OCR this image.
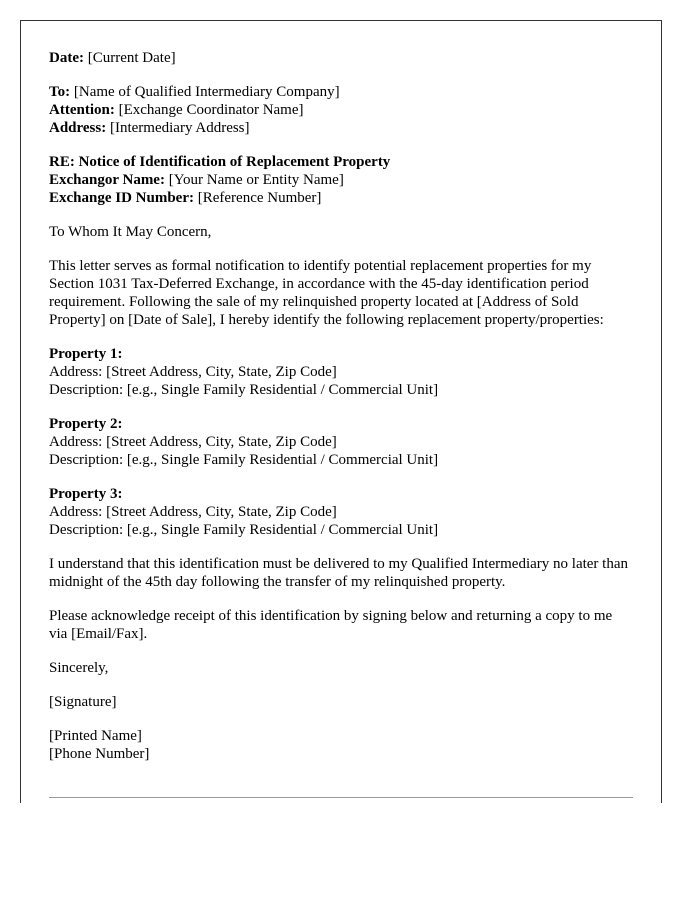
Date: [Current Date]

To: [Name of Qualified Intermediary Company]
Attention: [Exchange Coordinator Name]
Address: [Intermediary Address]

RE: Notice of Identification of Replacement Property
Exchangor Name: [Your Name or Entity Name]
Exchange ID Number: [Reference Number]

To Whom It May Concern,

This letter serves as formal notification to identify potential replacement properties for my Section 1031 Tax-Deferred Exchange, in accordance with the 45-day identification period requirement. Following the sale of my relinquished property located at [Address of Sold Property] on [Date of Sale], I hereby identify the following replacement property/properties:

Property 1:
Address: [Street Address, City, State, Zip Code]
Description: [e.g., Single Family Residential / Commercial Unit]

Property 2:
Address: [Street Address, City, State, Zip Code]
Description: [e.g., Single Family Residential / Commercial Unit]

Property 3:
Address: [Street Address, City, State, Zip Code]
Description: [e.g., Single Family Residential / Commercial Unit]

I understand that this identification must be delivered to my Qualified Intermediary no later than midnight of the 45th day following the transfer of my relinquished property.

Please acknowledge receipt of this identification by signing below and returning a copy to me via [Email/Fax].

Sincerely,

[Signature]

[Printed Name]
[Phone Number]
